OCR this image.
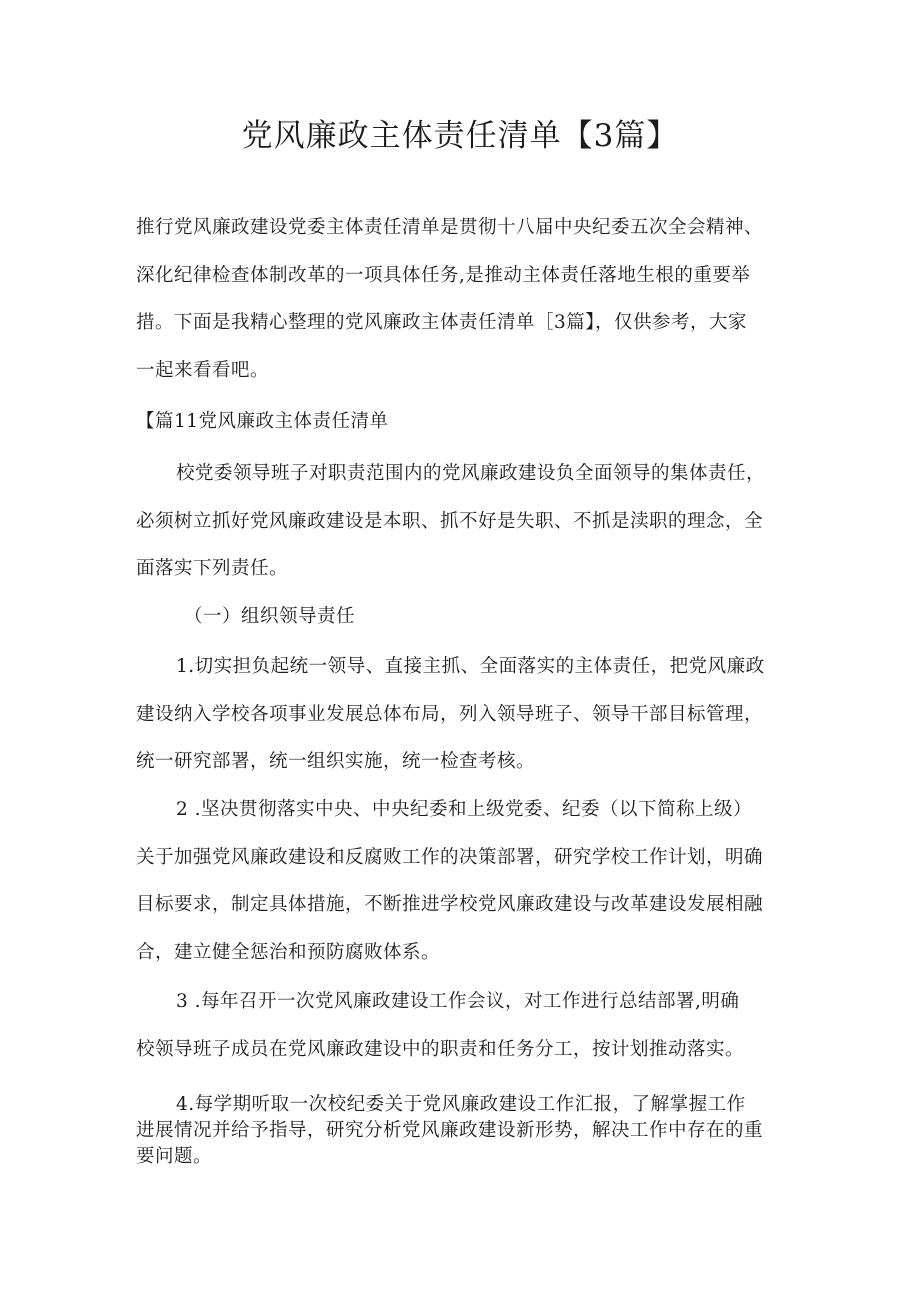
党风廉政主体责任清单【3篇】
推行党风廉政建设党委主体责任清单是贯彻十八届中央纪委五次全会精神、
深化纪律检查体制改革的一项具体任务,是推动主体责任落地生根的重要举
措。下面是我精心整理的党风廉政主体责任清单［3篇】，仅供参考，大家
一起来看看吧。
【篇11党风廉政主体责任清单
校党委领导班子对职责范围内的党风廉政建设负全面领导的集体责任，
必须树立抓好党风廉政建设是本职、抓不好是失职、不抓是渎职的理念，全
面落实下列责任。
（一）组织领导责任
1.切实担负起统一领导、直接主抓、全面落实的主体责任，把党风廉政
建设纳入学校各项事业发展总体布局，列入领导班子、领导干部目标管理，
统一研究部署，统一组织实施，统一检查考核。
2 .坚决贯彻落实中央、中央纪委和上级党委、纪委（以下简称上级）
关于加强党风廉政建设和反腐败工作的决策部署，研究学校工作计划，明确
目标要求，制定具体措施，不断推进学校党风廉政建设与改革建设发展相融
合，建立健全惩治和预防腐败体系。
3 .每年召开一次党风廉政建设工作会议，对工作进行总结部署,明确
校领导班子成员在党风廉政建设中的职责和任务分工，按计划推动落实。
4.每学期听取一次校纪委关于党风廉政建设工作汇报，了解掌握工作
进展情况并给予指导，研究分析党风廉政建设新形势，解决工作中存在的重
要问题。
